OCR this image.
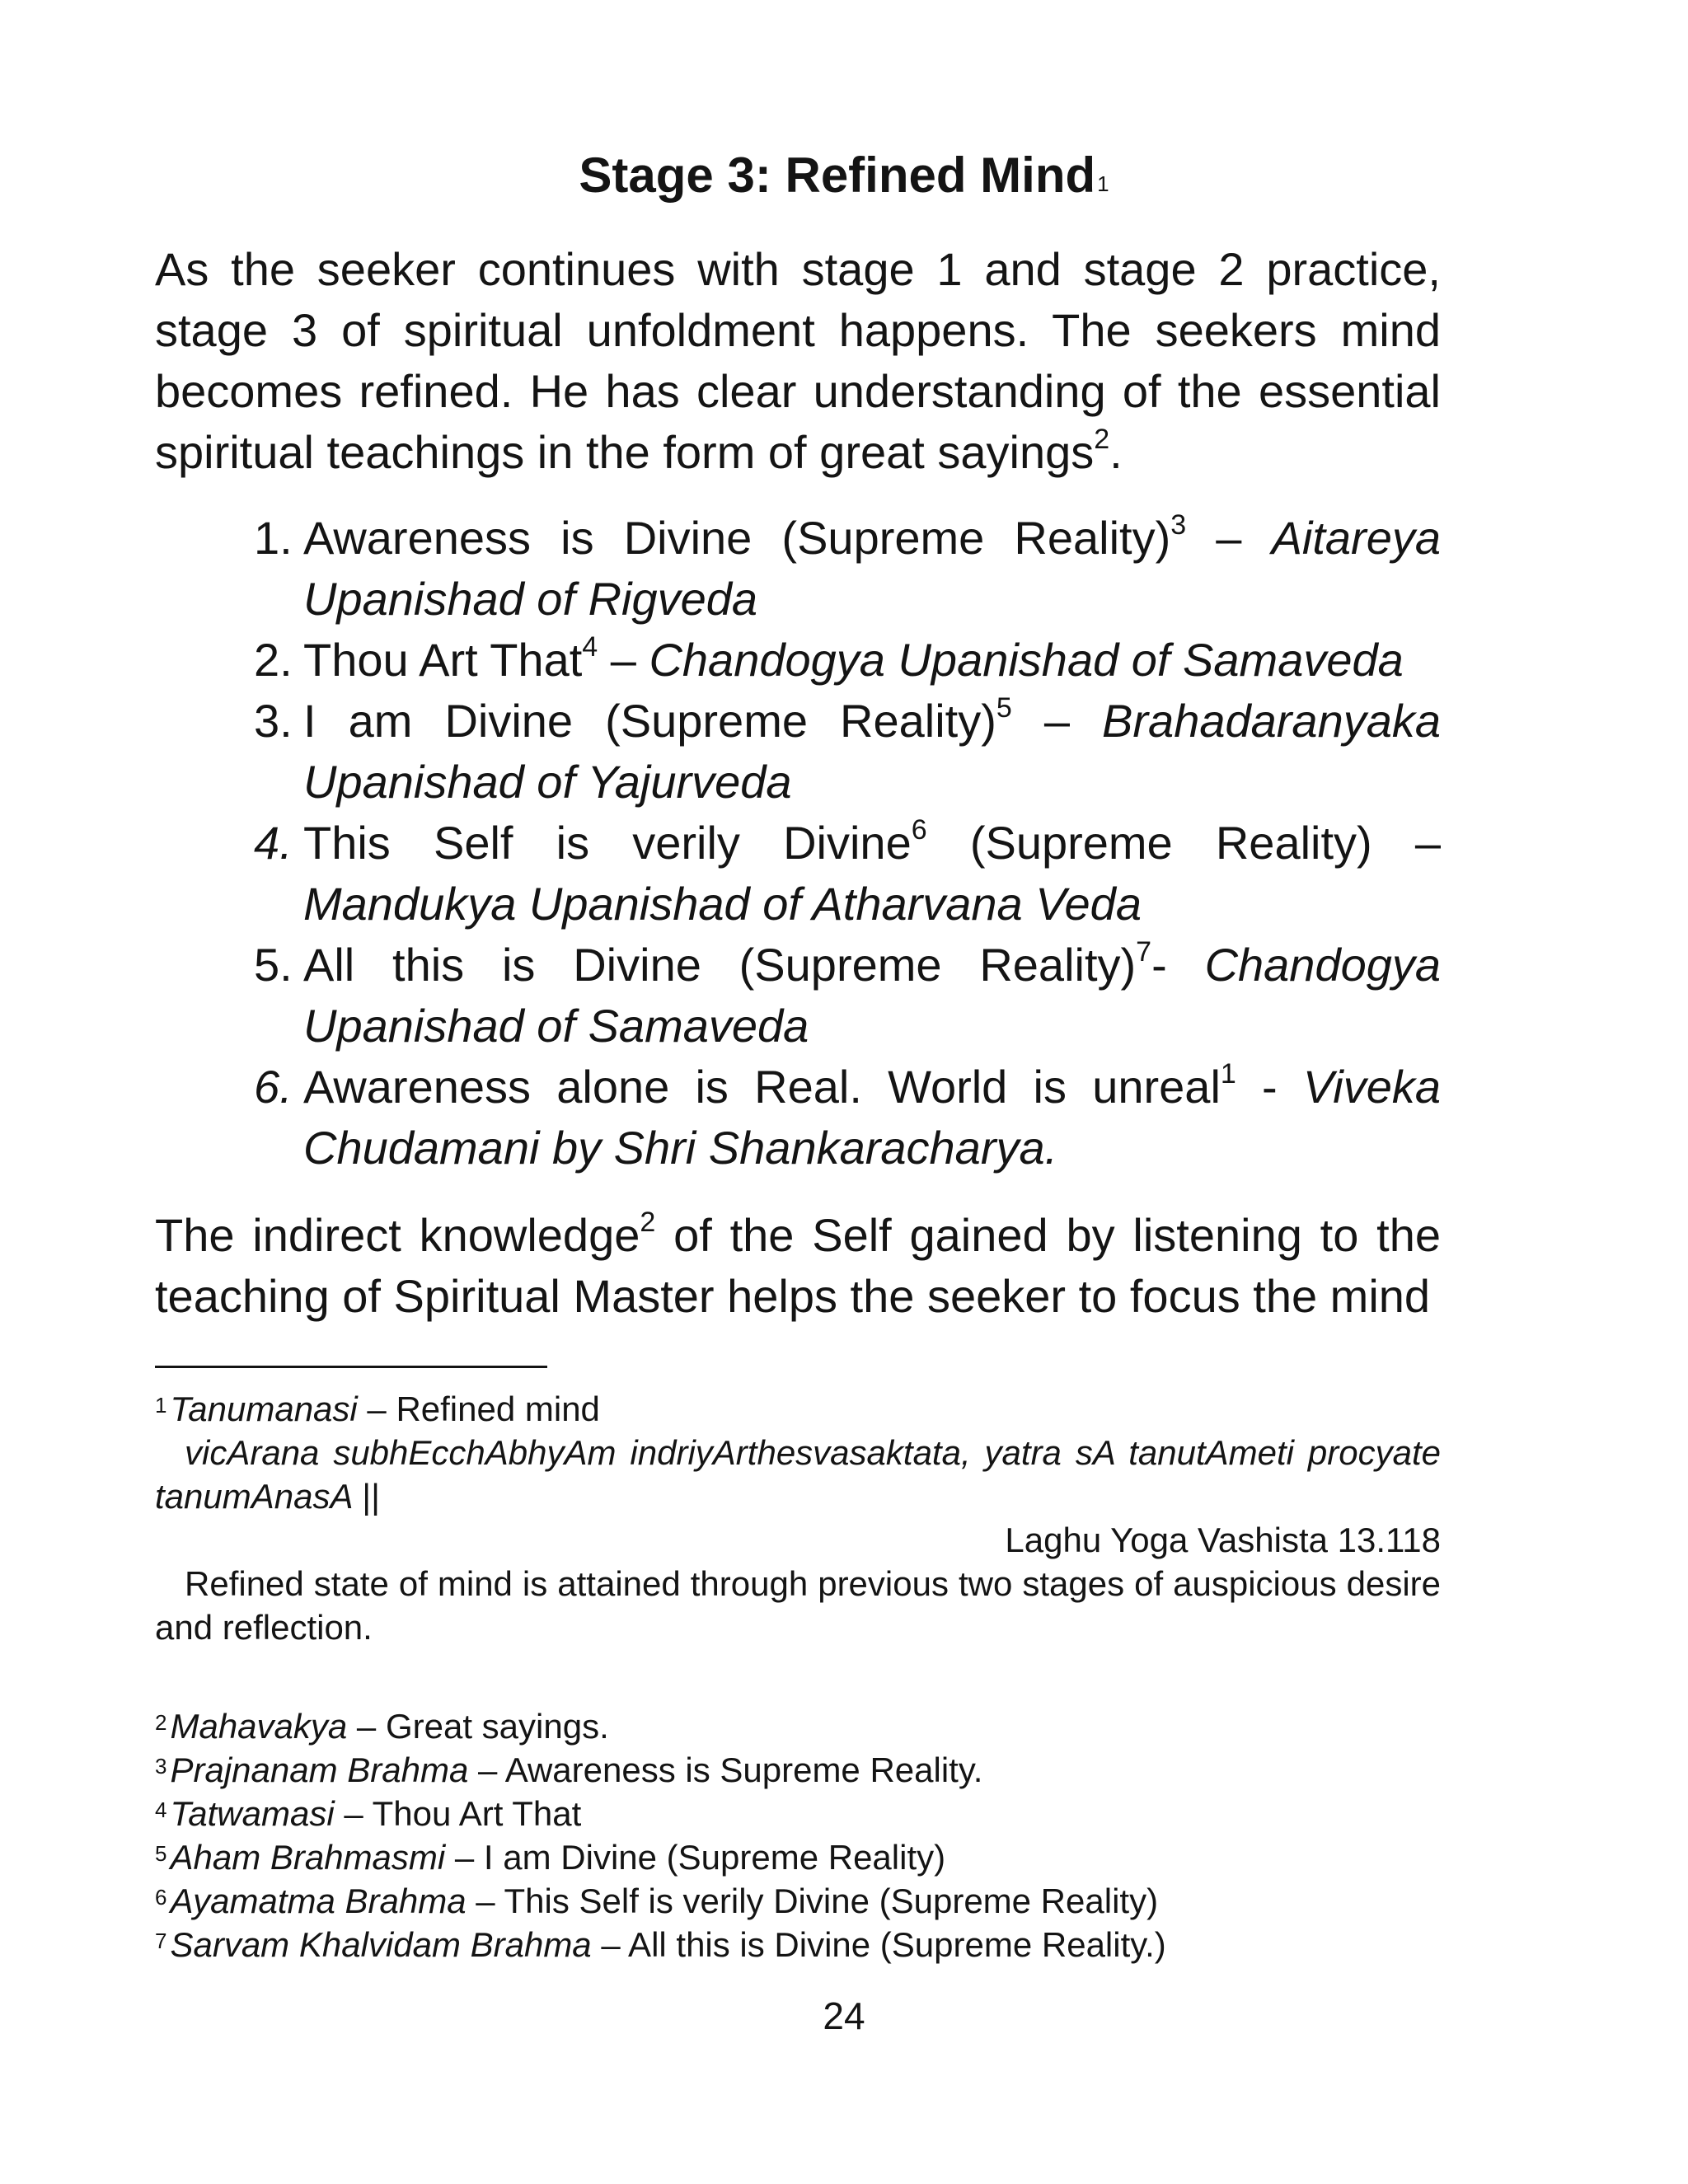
Stage 3: Refined Mind$^1$

As the seeker continues with stage 1 and stage 2 practice, stage 3 of spiritual unfoldment happens. The seekers mind becomes refined. He has clear understanding of the essential spiritual teachings in the form of great sayings$^2$.

1. Awareness is Divine (Supreme Reality)$^3$ – Aitareya Upanishad of Rigveda
2. Thou Art That$^4$ – Chandogya Upanishad of Samaveda
3. I am Divine (Supreme Reality)$^5$ – Brahadaranyaka Upanishad of Yajurveda
4. This Self is verily Divine$^6$ (Supreme Reality) – Mandukya Upanishad of Atharvana Veda
5. All this is Divine (Supreme Reality)$^7$- Chandogya Upanishad of Samaveda
6. Awareness alone is Real. World is unreal$^1$ - Viveka Chudamani by Shri Shankaracharya.

The indirect knowledge$^2$ of the Self gained by listening to the teaching of Spiritual Master helps the seeker to focus the mind

$^1$Tanumanasi – Refined mind

vicArana subhEcchAbhyAm indriyArthesvasaktata, yatra sA tanutAmeti procyate tanumAnasA ||

Laghu Yoga Vashista 13.118

Refined state of mind is attained through previous two stages of auspicious desire and reflection.

$^2$Mahavakya – Great sayings.

$^3$Prajnanam Brahma – Awareness is Supreme Reality.

$^4$Tatwamasi – Thou Art That

$^5$Aham Brahmasmi – I am Divine (Supreme Reality)

$^6$Ayamatma Brahma – This Self is verily Divine (Supreme Reality)

$^7$Sarvam Khalvidam Brahma – All this is Divine (Supreme Reality.)

24
